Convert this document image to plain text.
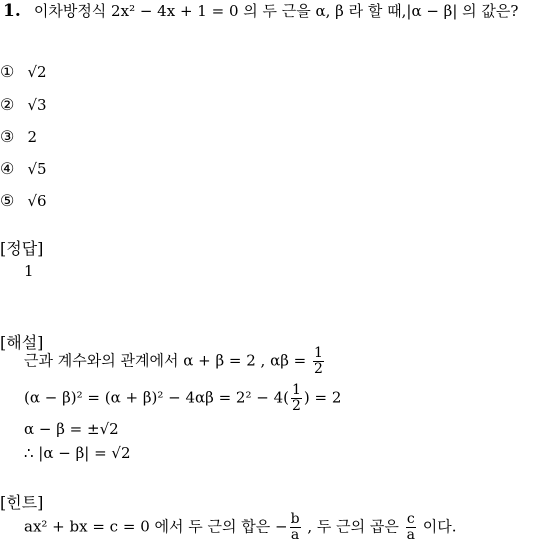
1. 이차방정식 2x² − 4x + 1 = 0 의 두 근을 α, β 라 할 때,|α − β| 의 값은?
① √2
② √3
③ 2
④ √5
⑤ √6
[정답]
1
[해설]
근과 계수와의 관계에서 α + β = 2 , $\alpha\beta = \frac{1}{2}$
$(\alpha - \beta)^2 = (\alpha + \beta)^2 - 4\alpha\beta = 2^2 - 4( \frac{1}{2}$ ) = 2
α − β = ±√2
∴ |α − β| = √2
[힌트]
ax² + bx = c = 0 에서 두 근의 합은 − $\frac{b}{a}$ , 두 근의 곱은 $\frac{c}{a}$ 이다.
